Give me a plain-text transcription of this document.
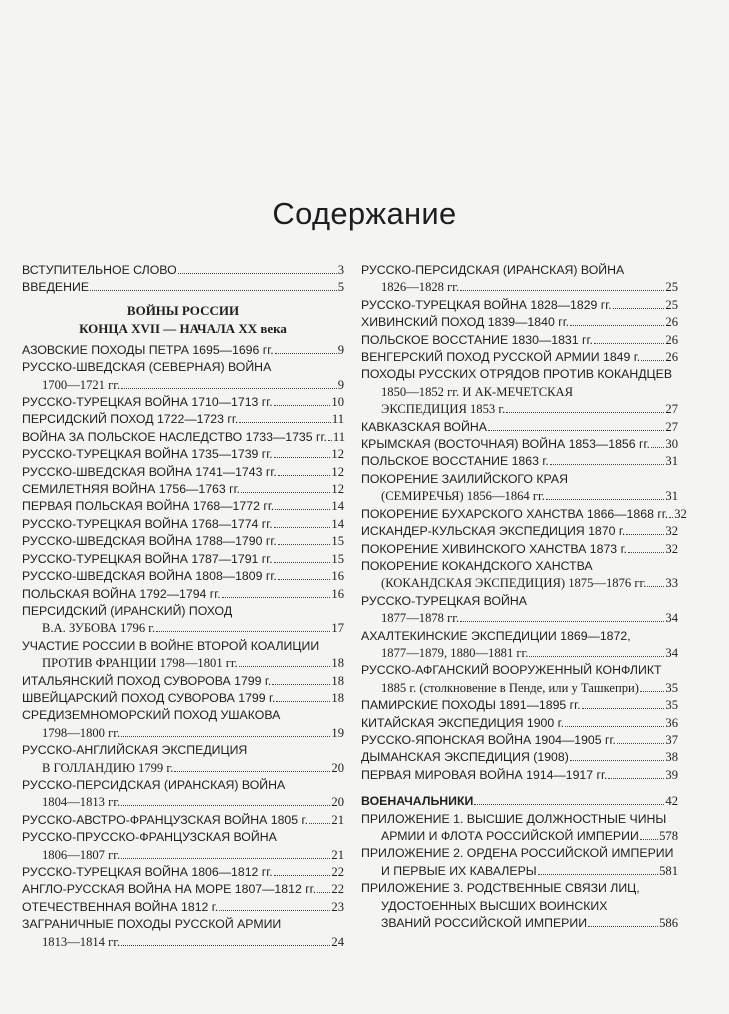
Содержание
ВСТУПИТЕЛЬНОЕ СЛОВО	3
ВВЕДЕНИЕ	5
ВОЙНЫ РОССИИ
КОНЦА XVII — НАЧАЛА XX века
АЗОВСКИЕ ПОХОДЫ ПЕТРА 1695—1696 гг.	9
РУССКО-ШВЕДСКАЯ (СЕВЕРНАЯ) ВОЙНА
1700—1721 гг.	9
РУССКО-ТУРЕЦКАЯ ВОЙНА 1710—1713 гг.	10
ПЕРСИДСКИЙ ПОХОД 1722—1723 гг.	11
ВОЙНА ЗА ПОЛЬСКОЕ НАСЛЕДСТВО 1733—1735 гг. 11
РУССКО-ТУРЕЦКАЯ ВОЙНА 1735—1739 гг.	12
РУССКО-ШВЕДСКАЯ ВОЙНА 1741—1743 гг.	12
СЕМИЛЕТНЯЯ ВОЙНА 1756—1763 гг.	12
ПЕРВАЯ ПОЛЬСКАЯ ВОЙНА 1768—1772 гг.	14
РУССКО-ТУРЕЦКАЯ ВОЙНА 1768—1774 гг.	14
РУССКО-ШВЕДСКАЯ ВОЙНА 1788—1790 гг.	15
РУССКО-ТУРЕЦКАЯ ВОЙНА 1787—1791 гг.	15
РУССКО-ШВЕДСКАЯ ВОЙНА 1808—1809 гг.	16
ПОЛЬСКАЯ ВОЙНА 1792—1794 гг.	16
ПЕРСИДСКИЙ (ИРАНСКИЙ) ПОХОД
В.А. ЗУБОВА 1796 г.	17
УЧАСТИЕ РОССИИ В ВОЙНЕ ВТОРОЙ КОАЛИЦИИ
ПРОТИВ ФРАНЦИИ 1798—1801 гг.	18
ИТАЛЬЯНСКИЙ ПОХОД СУВОРОВА 1799 г.	18
ШВЕЙЦАРСКИЙ ПОХОД СУВОРОВА 1799 г.	18
СРЕДИЗЕМНОМОРСКИЙ ПОХОД УШАКОВА
1798—1800 гг.	19
РУССКО-АНГЛИЙСКАЯ ЭКСПЕДИЦИЯ
В ГОЛЛАНДИЮ 1799 г.	20
РУССКО-ПЕРСИДСКАЯ (ИРАНСКАЯ) ВОЙНА
1804—1813 гг.	20
РУССКО-АВСТРО-ФРАНЦУЗСКАЯ ВОЙНА 1805 г. 21
РУССКО-ПРУССКО-ФРАНЦУЗСКАЯ ВОЙНА
1806—1807 гг.	21
РУССКО-ТУРЕЦКАЯ ВОЙНА 1806—1812 гг.	22
АНГЛО-РУССКАЯ ВОЙНА НА МОРЕ 1807—1812 гг. 22
ОТЕЧЕСТВЕННАЯ ВОЙНА 1812 г.	23
ЗАГРАНИЧНЫЕ ПОХОДЫ РУССКОЙ АРМИИ
1813—1814 гг.	24
РУССКО-ПЕРСИДСКАЯ (ИРАНСКАЯ) ВОЙНА
1826—1828 гг.	25
РУССКО-ТУРЕЦКАЯ ВОЙНА 1828—1829 гг.	25
ХИВИНСКИЙ ПОХОД 1839—1840 гг.	26
ПОЛЬСКОЕ ВОССТАНИЕ 1830—1831 гг.	26
ВЕНГЕРСКИЙ ПОХОД РУССКОЙ АРМИИ 1849 г. 26
ПОХОДЫ РУССКИХ ОТРЯДОВ ПРОТИВ КОКАНДЦЕВ
1850—1852 гг. И АК-МЕЧЕТСКАЯ
ЭКСПЕДИЦИЯ 1853 г.	27
КАВКАЗСКАЯ ВОЙНА	27
КРЫМСКАЯ (ВОСТОЧНАЯ) ВОЙНА 1853—1856 гг. 30
ПОЛЬСКОЕ ВОССТАНИЕ 1863 г.	31
ПОКОРЕНИЕ ЗАИЛИЙСКОГО КРАЯ
(СЕМИРЕЧЬЯ) 1856—1864 гг.	31
ПОКОРЕНИЕ БУХАРСКОГО ХАНСТВА 1866—1868 гг. 32
ИСКАНДЕР-КУЛЬСКАЯ ЭКСПЕДИЦИЯ 1870 г.	32
ПОКОРЕНИЕ ХИВИНСКОГО ХАНСТВА 1873 г.	32
ПОКОРЕНИЕ КОКАНДСКОГО ХАНСТВА
(КОКАНДСКАЯ ЭКСПЕДИЦИЯ) 1875—1876 гг. 33
РУССКО-ТУРЕЦКАЯ ВОЙНА
1877—1878 гг.	34
АХАЛТЕКИНСКИЕ ЭКСПЕДИЦИИ 1869—1872,
1877—1879, 1880—1881 гг.	34
РУССКО-АФГАНСКИЙ ВООРУЖЕННЫЙ КОНФЛИКТ
1885 г. (столкновение в Пенде, или у Ташкепри) 35
ПАМИРСКИЕ ПОХОДЫ 1891—1895 гг.	35
КИТАЙСКАЯ ЭКСПЕДИЦИЯ 1900 г.	36
РУССКО-ЯПОНСКАЯ ВОЙНА 1904—1905 гг.	37
ДЫМАНСКАЯ ЭКСПЕДИЦИЯ (1908)	38
ПЕРВАЯ МИРОВАЯ ВОЙНА 1914—1917 гг.	39
ВОЕНАЧАЛЬНИКИ	42
ПРИЛОЖЕНИЕ 1. ВЫСШИЕ ДОЛЖНОСТНЫЕ ЧИНЫ
АРМИИ И ФЛОТА РОССИЙСКОЙ ИМПЕРИИ 578
ПРИЛОЖЕНИЕ 2. ОРДЕНА РОССИЙСКОЙ ИМПЕРИИ
И ПЕРВЫЕ ИХ КАВАЛЕРЫ	581
ПРИЛОЖЕНИЕ 3. РОДСТВЕННЫЕ СВЯЗИ ЛИЦ,
УДОСТОЕННЫХ ВЫСШИХ ВОИНСКИХ
ЗВАНИЙ РОССИЙСКОЙ ИМПЕРИИ	586
